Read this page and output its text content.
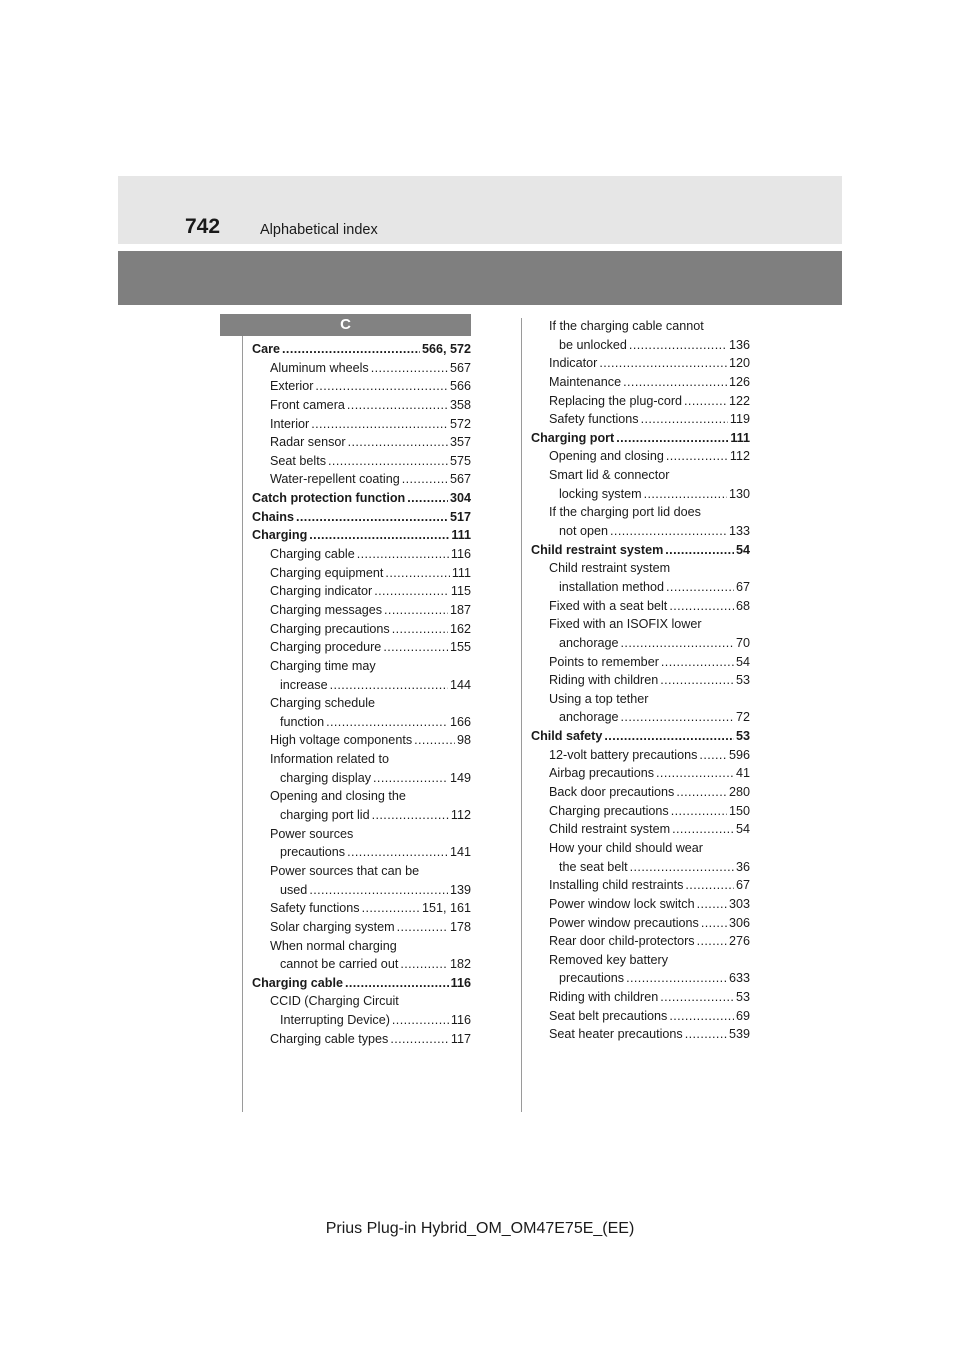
742	Alphabetical index
C
Care .....	566, 572
Aluminum wheels .....	567
Exterior .....	566
Front camera .....	358
Interior .....	572
Radar sensor .....	357
Seat belts .....	575
Water-repellent coating .....	567
Catch protection function .....	304
Chains .....	517
Charging .....	111
Charging cable .....	116
Charging equipment .....	111
Charging indicator .....	115
Charging messages .....	187
Charging precautions .....	162
Charging procedure .....	155
Charging time may
increase .....	144
Charging schedule
function .....	166
High voltage components .....	98
Information related to
charging display .....	149
Opening and closing the
charging port lid .....	112
Power sources
precautions .....	141
Power sources that can be
used .....	139
Safety functions .....	151, 161
Solar charging system .....	178
When normal charging
cannot be carried out .....	182
Charging cable .....	116
CCID (Charging Circuit
Interrupting Device) .....	116
Charging cable types .....	117
If the charging cable cannot
be unlocked .....	136
Indicator .....	120
Maintenance .....	126
Replacing the plug-cord .....	122
Safety functions .....	119
Charging port .....	111
Opening and closing .....	112
Smart lid & connector
locking system .....	130
If the charging port lid does
not open .....	133
Child restraint system .....	54
Child restraint system
installation method .....	67
Fixed with a seat belt .....	68
Fixed with an ISOFIX lower
anchorage .....	70
Points to remember .....	54
Riding with children .....	53
Using a top tether
anchorage .....	72
Child safety .....	53
12-volt battery precautions .....	596
Airbag precautions .....	41
Back door precautions .....	280
Charging precautions .....	150
Child restraint system .....	54
How your child should wear
the seat belt .....	36
Installing child restraints .....	67
Power window lock switch .....	303
Power window precautions ..... 306
Rear door child-protectors .....	276
Removed key battery
precautions .....	633
Riding with children .....	53
Seat belt precautions .....	69
Seat heater precautions .....	539
Prius Plug-in Hybrid_OM_OM47E75E_(EE)
